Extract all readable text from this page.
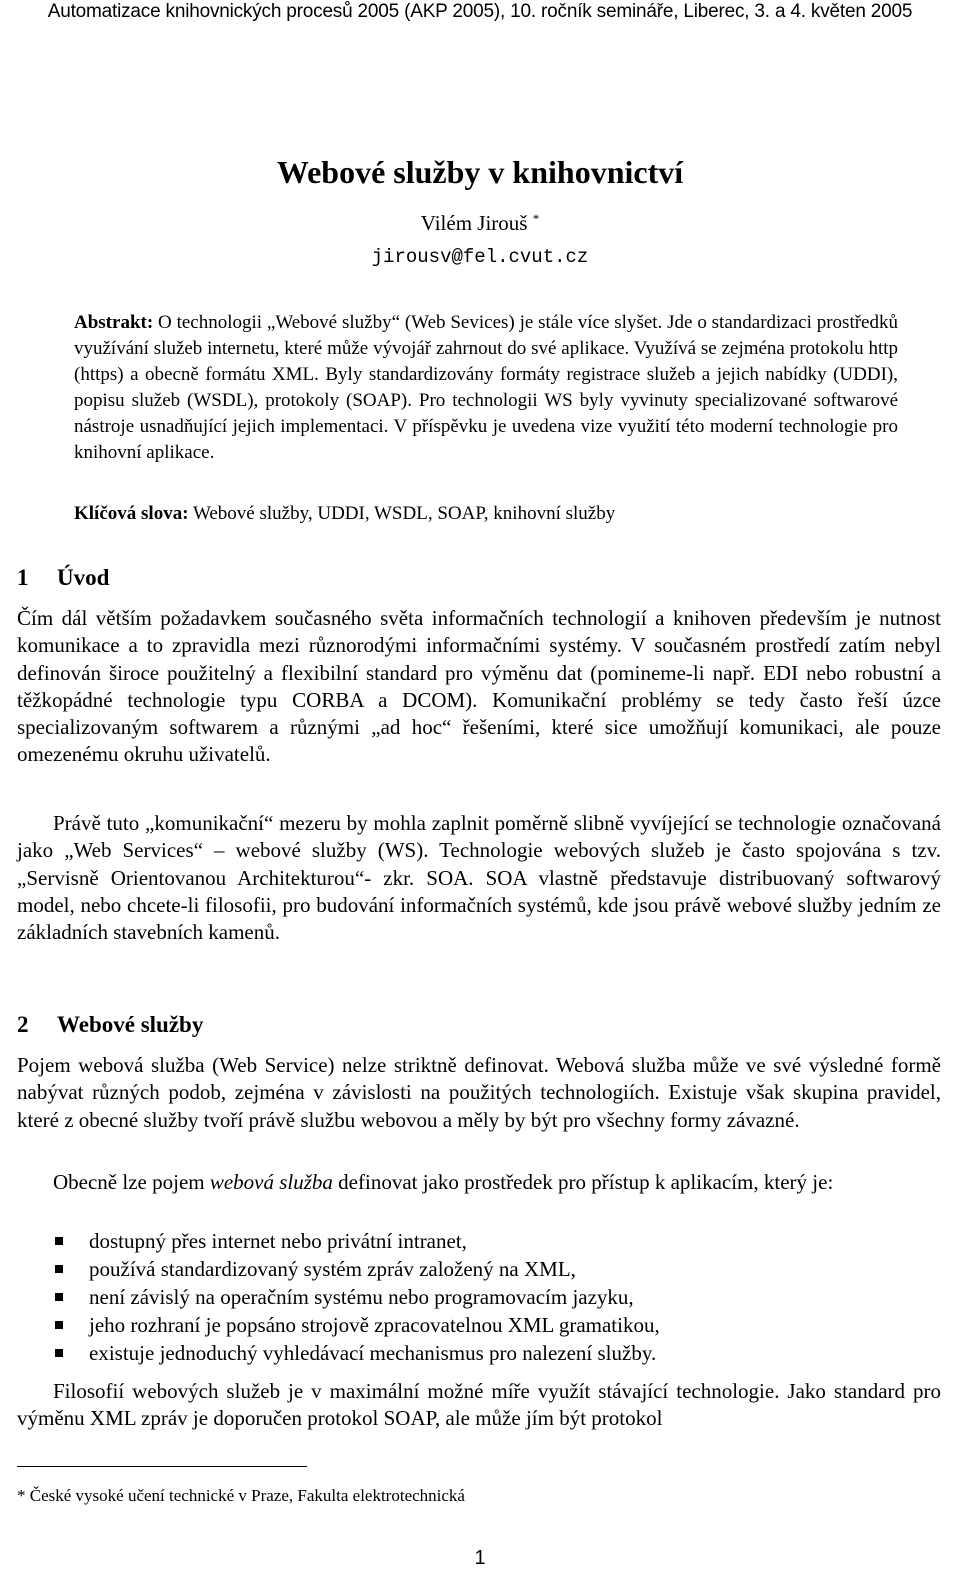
Automatizace knihovnických procesů 2005 (AKP 2005), 10. ročník semináře, Liberec, 3. a 4. květen 2005
Webové služby v knihovnictví
Vilém Jirouš *
jirousv@fel.cvut.cz
Abstrakt: O technologii „Webové služby“ (Web Sevices) je stále více slyšet. Jde o standardizaci prostředků využívání služeb internetu, které může vývojář zahrnout do své aplikace. Využívá se zejména protokolu http (https) a obecně formátu XML. Byly standardizovány formáty registrace služeb a jejich nabídky (UDDI), popisu služeb (WSDL), protokoly (SOAP). Pro technologii WS byly vyvinuty specializované softwarové nástroje usnadňující jejich implementaci. V příspěvku je uvedena vize využití této moderní technologie pro knihovní aplikace.
Klíčová slova: Webové služby, UDDI, WSDL, SOAP, knihovní služby
1 Úvod

Čím dál větším požadavkem současného světa informačních technologií a knihoven především je nutnost komunikace a to zpravidla mezi různorodými informačními systémy. V současném prostředí zatím nebyl definován široce použitelný a flexibilní standard pro výměnu dat (pomineme-li např. EDI nebo robustní a těžkopádné technologie typu CORBA a DCOM). Komunikační problémy se tedy často řeší úzce specializovaným softwarem a různými „ad hoc“ řešeními, které sice umožňují komunikaci, ale pouze omezenému okruhu uživatelů.

Právě tuto „komunikační“ mezeru by mohla zaplnit poměrně slibně vyvíjející se technologie označovaná jako „Web Services“ – webové služby (WS). Technologie webových služeb je často spojována s tzv. „Servisně Orientovanou Architekturou“- zkr. SOA. SOA vlastně představuje distribuovaný softwarový model, nebo chcete-li filosofii, pro budování informačních systémů, kde jsou právě webové služby jedním ze základních stavebních kamenů.

2 Webové služby

Pojem webová služba (Web Service) nelze striktně definovat. Webová služba může ve své výsledné formě nabývat různých podob, zejména v závislosti na použitých technologiích. Existuje však skupina pravidel, které z obecné služby tvoří právě službu webovou a měly by být pro všechny formy závazné.

Obecně lze pojem webová služba definovat jako prostředek pro přístup k aplikacím, který je:

dostupný přes internet nebo privátní intranet,
používá standardizovaný systém zpráv založený na XML,
není závislý na operačním systému nebo programovacím jazyku,
jeho rozhraní je popsáno strojově zpracovatelnou XML gramatikou,
existuje jednoduchý vyhledávací mechanismus pro nalezení služby.

Filosofií webových služeb je v maximální možné míře využít stávající technologie. Jako standard pro výměnu XML zpráv je doporučen protokol SOAP, ale může jím být protokol

* České vysoké učení technické v Praze, Fakulta elektrotechnická
1
